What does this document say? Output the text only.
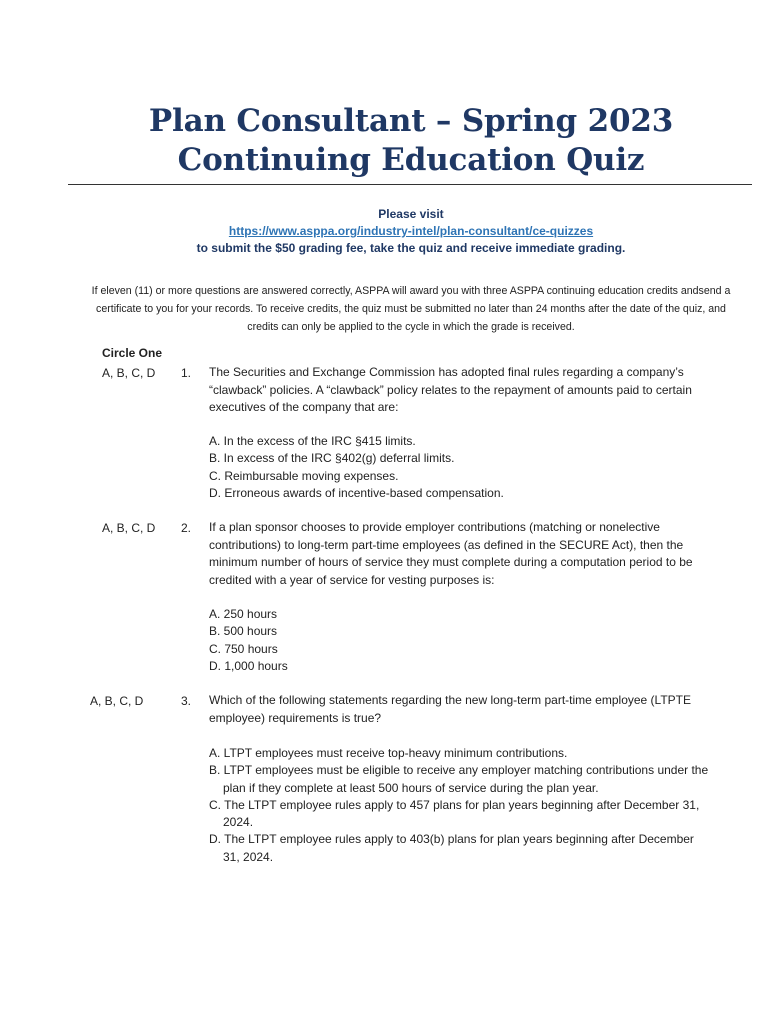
Plan Consultant – Spring 2023
Continuing Education Quiz
Please visit
https://www.asppa.org/industry-intel/plan-consultant/ce-quizzes
to submit the $50 grading fee, take the quiz and receive immediate grading.
If eleven (11) or more questions are answered correctly, ASPPA will award you with three ASPPA continuing education credits andsend a certificate to you for your records. To receive credits, the quiz must be submitted no later than 24 months after the date of the quiz, and credits can only be applied to the cycle in which the grade is received.
Circle One
A, B, C, D 1. The Securities and Exchange Commission has adopted final rules regarding a company’s “clawback” policies. A “clawback” policy relates to the repayment of amounts paid to certain executives of the company that are:
A. In the excess of the IRC §415 limits.
B. In excess of the IRC §402(g) deferral limits.
C. Reimbursable moving expenses.
D. Erroneous awards of incentive-based compensation.
A, B, C, D 2. If a plan sponsor chooses to provide employer contributions (matching or nonelective contributions) to long-term part-time employees (as defined in the SECURE Act), then the minimum number of hours of service they must complete during a computation period to be credited with a year of service for vesting purposes is:
A. 250 hours
B. 500 hours
C. 750 hours
D. 1,000 hours
A, B, C, D	3. Which of the following statements regarding the new long-term part-time employee (LTPTE employee) requirements is true?
A. LTPT employees must receive top-heavy minimum contributions.
B. LTPT employees must be eligible to receive any employer matching contributions under the plan if they complete at least 500 hours of service during the plan year.
C. The LTPT employee rules apply to 457 plans for plan years beginning after December 31, 2024.
D. The LTPT employee rules apply to 403(b) plans for plan years beginning after December 31, 2024.
